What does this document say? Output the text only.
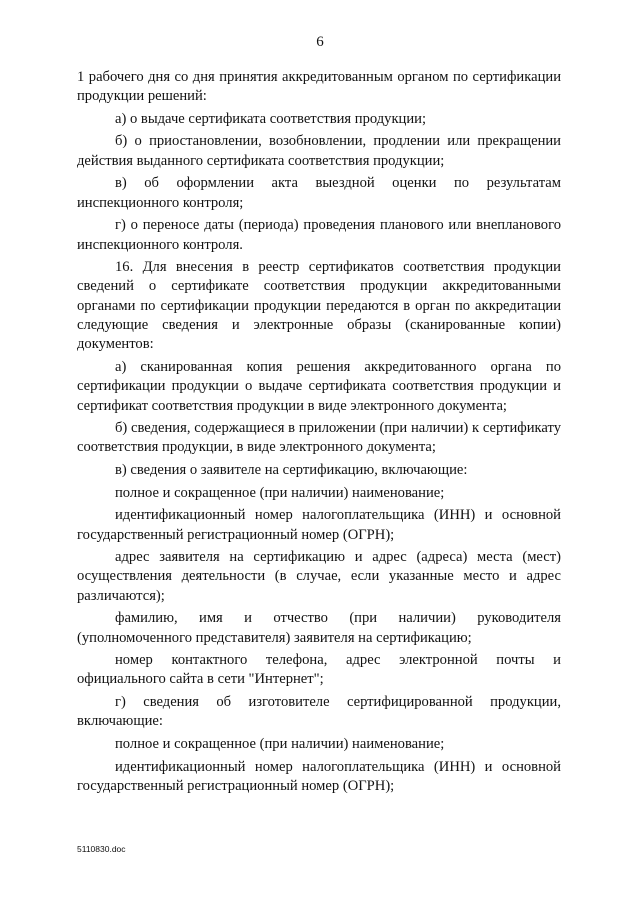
6

1 рабочего дня со дня принятия аккредитованным органом по сертификации продукции решений:

а) о выдаче сертификата соответствия продукции;

б) о приостановлении, возобновлении, продлении или прекращении действия выданного сертификата соответствия продукции;

в) об оформлении акта выездной оценки по результатам инспекционного контроля;

г) о переносе даты (периода) проведения планового или внепланового инспекционного контроля.

16. Для внесения в реестр сертификатов соответствия продукции сведений о сертификате соответствия продукции аккредитованными органами по сертификации продукции передаются в орган по аккредитации следующие сведения и электронные образы (сканированные копии) документов:

а) сканированная копия решения аккредитованного органа по сертификации продукции о выдаче сертификата соответствия продукции и сертификат соответствия продукции в виде электронного документа;

б) сведения, содержащиеся в приложении (при наличии) к сертификату соответствия продукции, в виде электронного документа;

в) сведения о заявителе на сертификацию, включающие:

полное и сокращенное (при наличии) наименование;

идентификационный номер налогоплательщика (ИНН) и основной государственный регистрационный номер (ОГРН);

адрес заявителя на сертификацию и адрес (адреса) места (мест) осуществления деятельности (в случае, если указанные место и адрес различаются);

фамилию, имя и отчество (при наличии) руководителя (уполномоченного представителя) заявителя на сертификацию;

номер контактного телефона, адрес электронной почты и официального сайта в сети "Интернет";

г) сведения об изготовителе сертифицированной продукции, включающие:

полное и сокращенное (при наличии) наименование;

идентификационный номер налогоплательщика (ИНН) и основной государственный регистрационный номер (ОГРН);

5110830.doc
